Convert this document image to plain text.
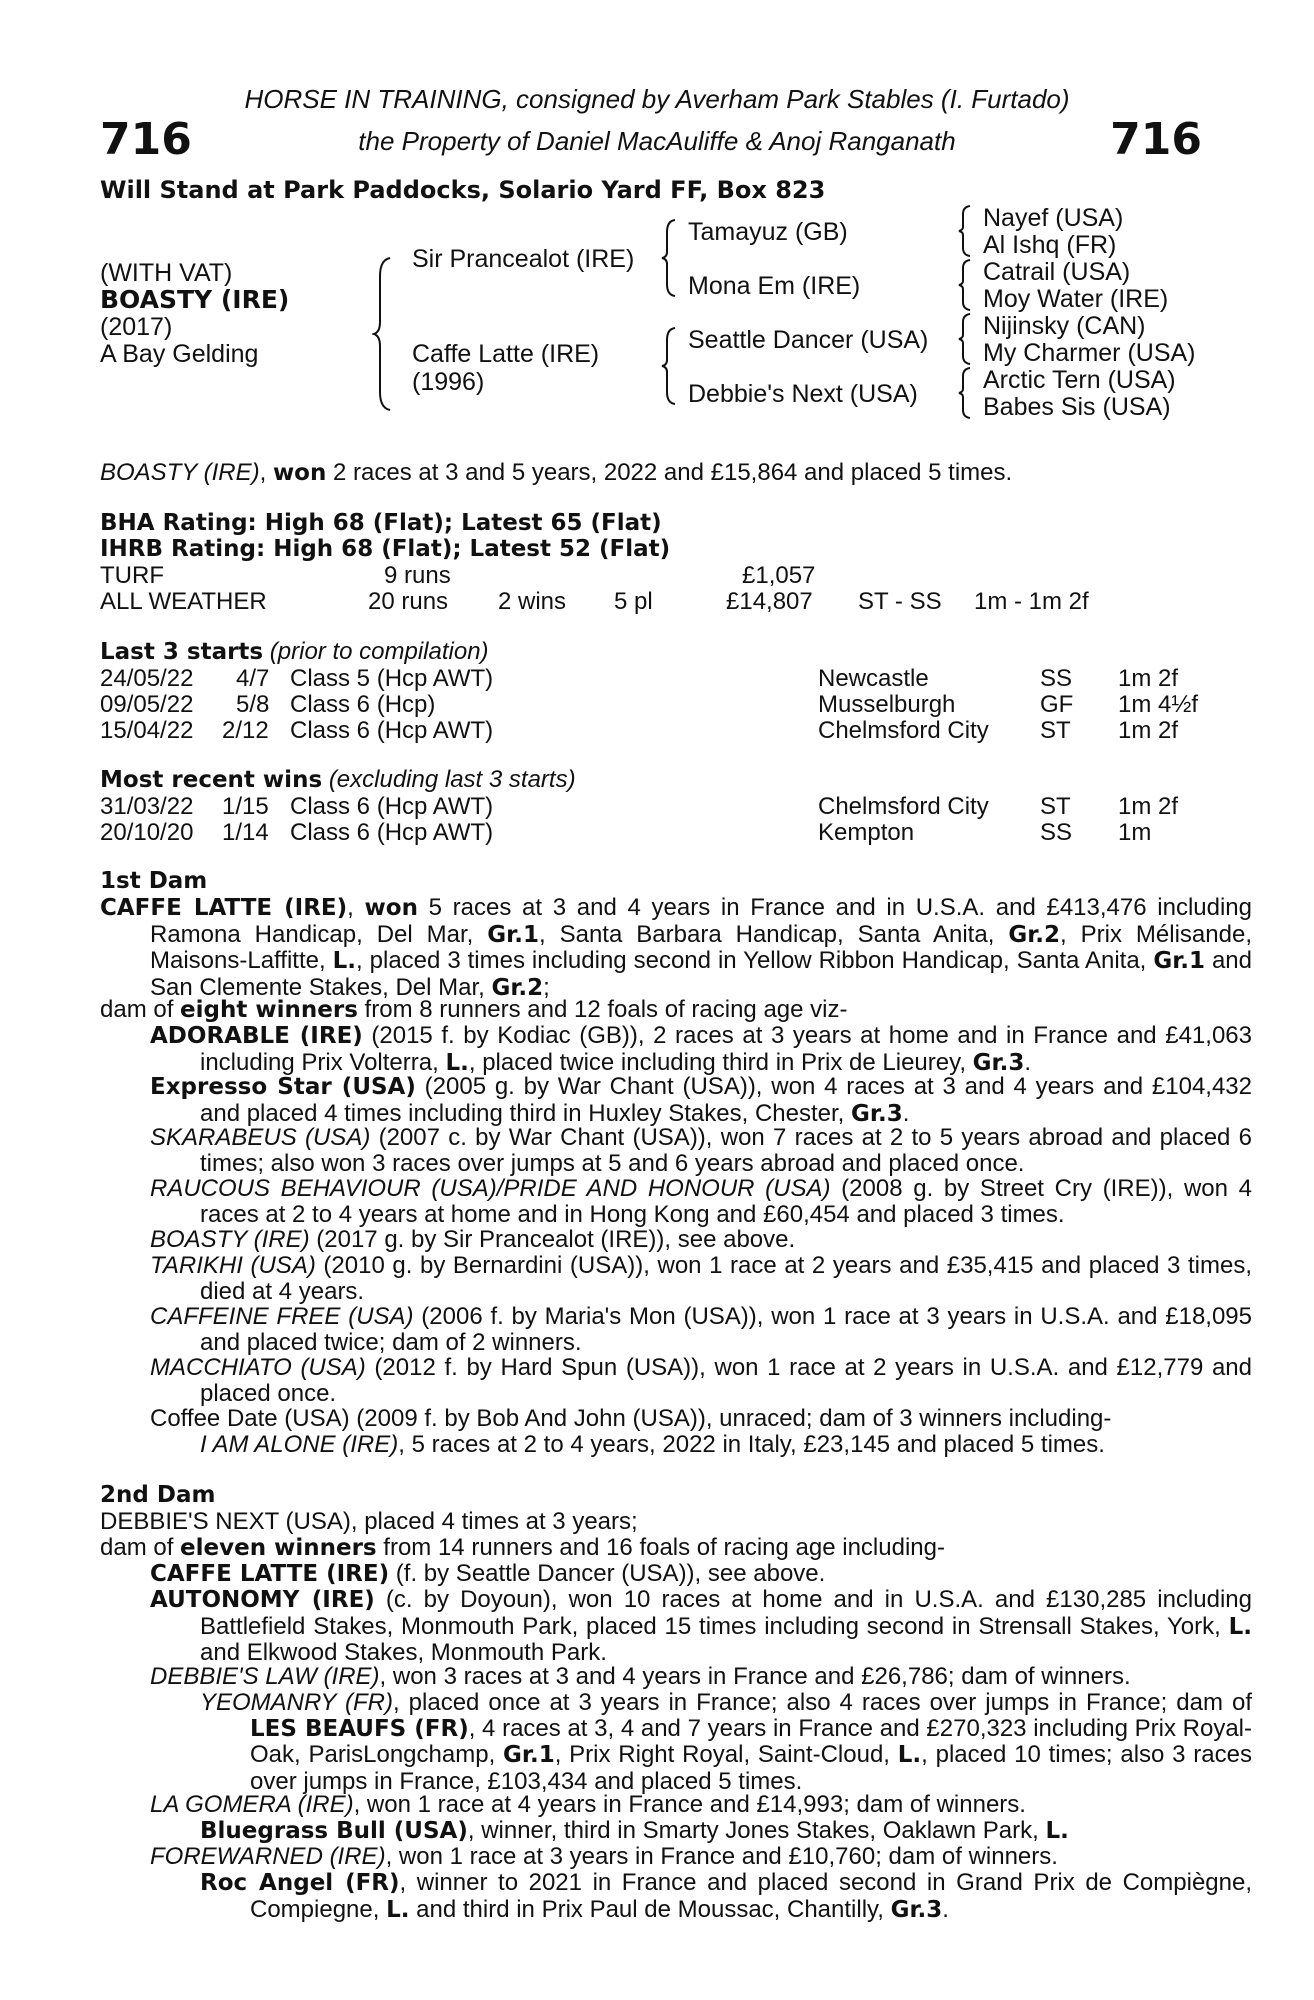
716	716
HORSE IN TRAINING, consigned by Averham Park Stables (I. Furtado)
the Property of Daniel MacAuliffe & Anoj Ranganath
Will Stand at Park Paddocks, Solario Yard FF, Box 823
(WITH VAT)
BOASTY (IRE)
(2017)
A Bay Gelding
Sir Prancealot (IRE)
Caffe Latte (IRE)
(1996)
Tamayuz (GB)
Mona Em (IRE)
Seattle Dancer (USA)
Debbie's Next (USA)
Nayef (USA)
Al Ishq (FR)
Catrail (USA)
Moy Water (IRE)
Nijinsky (CAN)
My Charmer (USA)
Arctic Tern (USA)
Babes Sis (USA)
BOASTY (IRE), won 2 races at 3 and 5 years, 2022 and £15,864 and placed 5 times.
BHA Rating: High 68 (Flat); Latest 65 (Flat)
IHRB Rating: High 68 (Flat); Latest 52 (Flat)
TURF	9 runs	£1,057
ALL WEATHER	20 runs 2 wins 5 pl	£14,807 ST - SS 1m - 1m 2f
Last 3 starts (prior to compilation)
24/05/22 4/7 Class 5 (Hcp AWT)	Newcastle	SS 1m 2f
09/05/22 5/8 Class 6 (Hcp)	Musselburgh	GF 1m 4½f
15/04/22 2/12 Class 6 (Hcp AWT)	Chelmsford City ST 1m 2f
Most recent wins (excluding last 3 starts)
31/03/22 1/15 Class 6 (Hcp AWT)	Chelmsford City ST 1m 2f
20/10/20 1/14 Class 6 (Hcp AWT)	Kempton	SS 1m
1st Dam
CAFFE LATTE (IRE), won 5 races at 3 and 4 years in France and in U.S.A. and £413,476 including Ramona Handicap, Del Mar, Gr.1, Santa Barbara Handicap, Santa Anita, Gr.2, Prix Mélisande, Maisons-Laffitte, L., placed 3 times including second in Yellow Ribbon Handicap, Santa Anita, Gr.1 and San Clemente Stakes, Del Mar, Gr.2;
dam of eight winners from 8 runners and 12 foals of racing age viz-
ADORABLE (IRE) (2015 f. by Kodiac (GB)), 2 races at 3 years at home and in France and £41,063 including Prix Volterra, L., placed twice including third in Prix de Lieurey, Gr.3.
Expresso Star (USA) (2005 g. by War Chant (USA)), won 4 races at 3 and 4 years and £104,432 and placed 4 times including third in Huxley Stakes, Chester, Gr.3.
SKARABEUS (USA) (2007 c. by War Chant (USA)), won 7 races at 2 to 5 years abroad and placed 6 times; also won 3 races over jumps at 5 and 6 years abroad and placed once.
RAUCOUS BEHAVIOUR (USA)/PRIDE AND HONOUR (USA) (2008 g. by Street Cry (IRE)), won 4 races at 2 to 4 years at home and in Hong Kong and £60,454 and placed 3 times.
BOASTY (IRE) (2017 g. by Sir Prancealot (IRE)), see above.
TARIKHI (USA) (2010 g. by Bernardini (USA)), won 1 race at 2 years and £35,415 and placed 3 times, died at 4 years.
CAFFEINE FREE (USA) (2006 f. by Maria's Mon (USA)), won 1 race at 3 years in U.S.A. and £18,095 and placed twice; dam of 2 winners.
MACCHIATO (USA) (2012 f. by Hard Spun (USA)), won 1 race at 2 years in U.S.A. and £12,779 and placed once.
Coffee Date (USA) (2009 f. by Bob And John (USA)), unraced; dam of 3 winners including-
I AM ALONE (IRE), 5 races at 2 to 4 years, 2022 in Italy, £23,145 and placed 5 times.
2nd Dam
DEBBIE'S NEXT (USA), placed 4 times at 3 years;
dam of eleven winners from 14 runners and 16 foals of racing age including-
CAFFE LATTE (IRE) (f. by Seattle Dancer (USA)), see above.
AUTONOMY (IRE) (c. by Doyoun), won 10 races at home and in U.S.A. and £130,285 including Battlefield Stakes, Monmouth Park, placed 15 times including second in Strensall Stakes, York, L. and Elkwood Stakes, Monmouth Park.
DEBBIE'S LAW (IRE), won 3 races at 3 and 4 years in France and £26,786; dam of winners.
YEOMANRY (FR), placed once at 3 years in France; also 4 races over jumps in France; dam of LES BEAUFS (FR), 4 races at 3, 4 and 7 years in France and £270,323 including Prix Royal-Oak, ParisLongchamp, Gr.1, Prix Right Royal, Saint-Cloud, L., placed 10 times; also 3 races over jumps in France, £103,434 and placed 5 times.
LA GOMERA (IRE), won 1 race at 4 years in France and £14,993; dam of winners.
Bluegrass Bull (USA), winner, third in Smarty Jones Stakes, Oaklawn Park, L.
FOREWARNED (IRE), won 1 race at 3 years in France and £10,760; dam of winners.
Roc Angel (FR), winner to 2021 in France and placed second in Grand Prix de Compiègne, Compiegne, L. and third in Prix Paul de Moussac, Chantilly, Gr.3.
